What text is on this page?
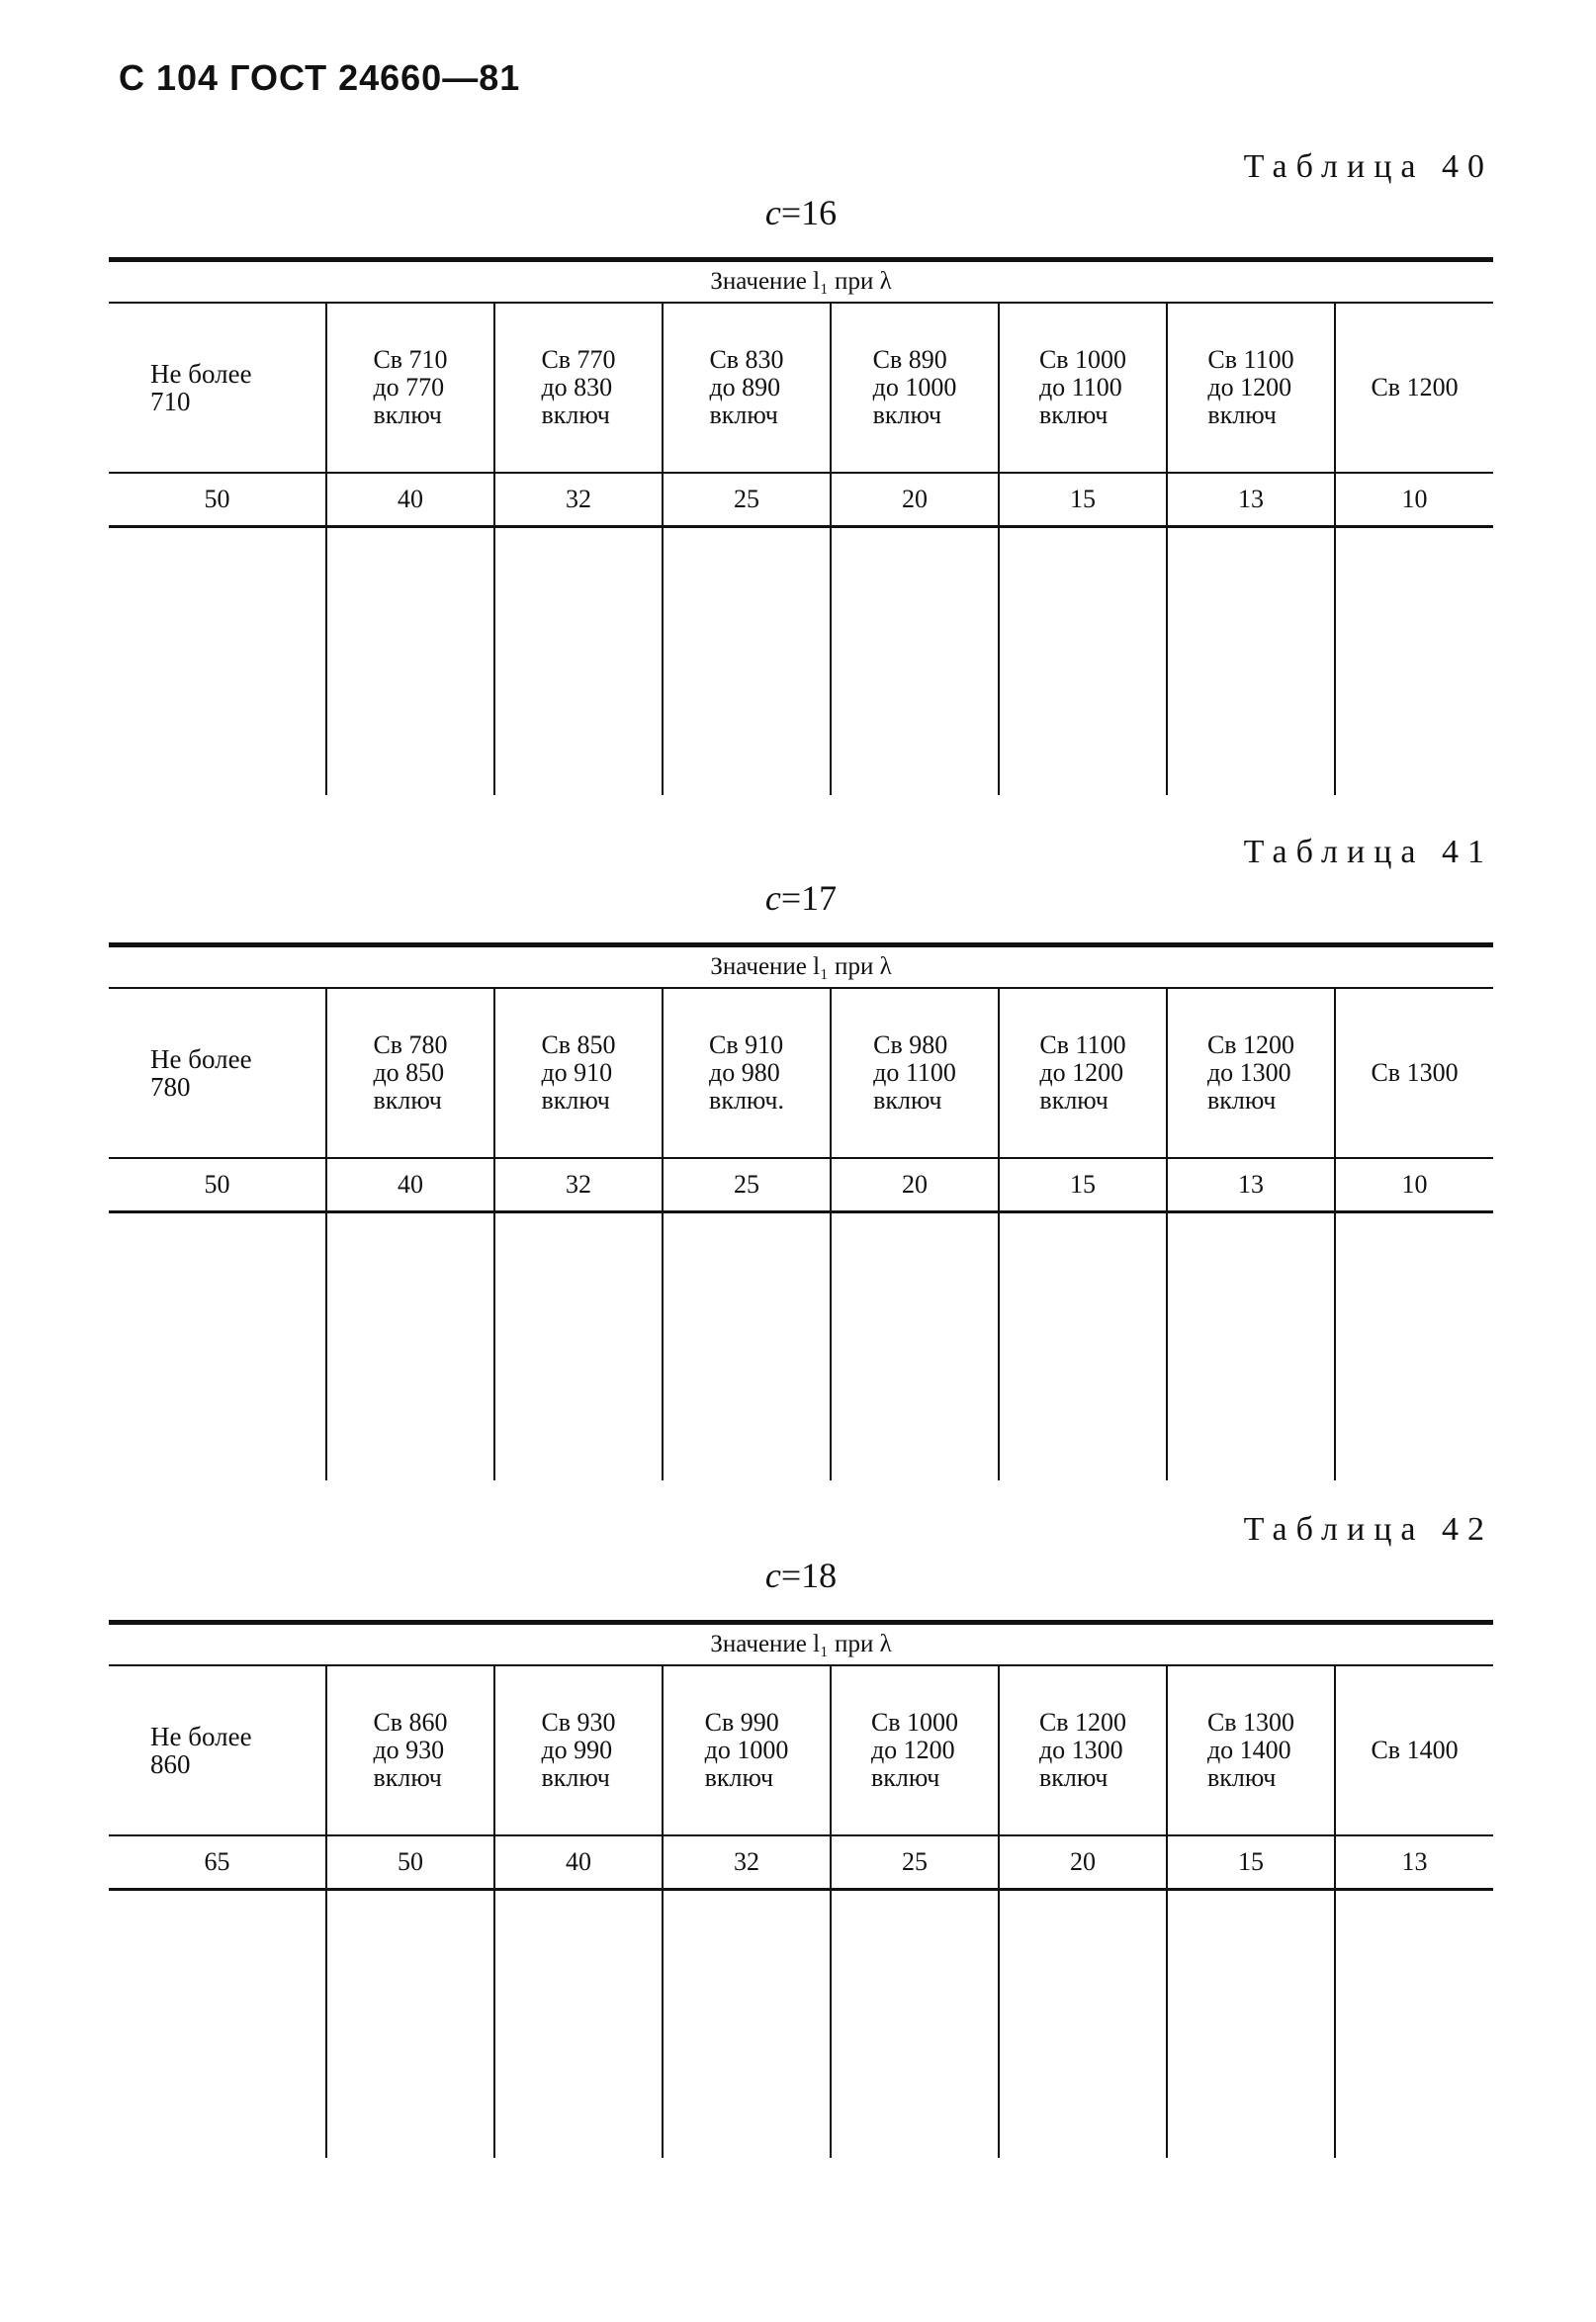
С 104 ГОСТ 24660—81
Таблица 40
c=16
Значение l₁ при λ							
Не более
710	Св 710
до 770
включ	Св 770
до 830
включ	Св 830
до 890
включ	Св 890
до 1000
включ	Св 1000
до 1100
включ	Св 1100
до 1200
включ	Св 1200
50	40	32	25	20	15	13	10

Таблица 41
c=17
Значение l₁ при λ							
Не более
780	Св 780
до 850
включ	Св 850
до 910
включ	Св 910
до 980
включ.	Св 980
до 1100
включ	Св 1100
до 1200
включ	Св 1200
до 1300
включ	Св 1300
50	40	32	25	20	15	13	10

Таблица 42
c=18
Значение l₁ при λ							
Не более
860	Св 860
до 930
включ	Св 930
до 990
включ	Св 990
до 1000
включ	Св 1000
до 1200
включ	Св 1200
до 1300
включ	Св 1300
до 1400
включ	Св 1400
65	50	40	32	25	20	15	13
